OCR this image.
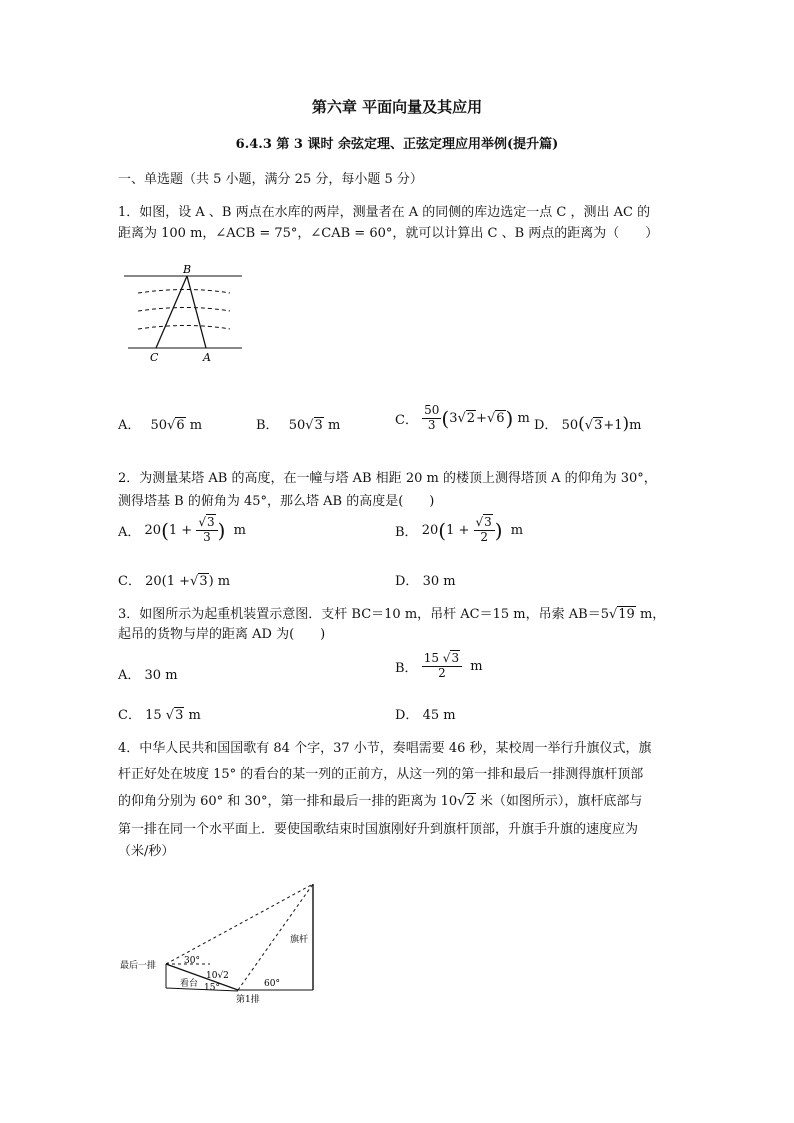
第六章 平面向量及其应用
6.4.3 第 3 课时 余弦定理、正弦定理应用举例(提升篇)
一、单选题（共 5 小题，满分 25 分，每小题 5 分）
1．如图，设 A 、B 两点在水库的两岸，测量者在 A 的同侧的库边选定一点 C ，测出 AC 的
距离为 100 m，∠ACB = 75°，∠CAB = 60°，就可以计算出 C 、B 两点的距离为（　　）
B
C	A
A． 50√6 m	B． 50√3 m	C． $\frac{50}{3} (3√2+√6)$ m D． 50(√3+1)m
2．为测量某塔 AB 的高度，在一幢与塔 AB 相距 20 m 的楼顶上测得塔顶 A 的仰角为 30°，
测得塔基 B 的俯角为 45°，那么塔 AB 的高度是(　　)
A． $20(1 + \frac{√3}{3}$ ) m	B． $20(1 + \frac{√3}{2}$ ) m
C． 20(1 +√3) m	D． 30 m
3．如图所示为起重机装置示意图．支杆 BC＝10 m，吊杆 AC＝15 m，吊索 AB＝5√19 m，
起吊的货物与岸的距离 AD 为(　　)
A． 30 m	B． $\frac{15 √3}{2}$ m
C． 15 √3 m	D． 45 m
4．中华人民共和国国歌有 84 个字，37 小节，奏唱需要 46 秒，某校周一举行升旗仪式，旗
杆正好处在坡度 15° 的看台的某一列的正前方，从这一列的第一排和最后一排测得旗杆顶部
的仰角分别为 60° 和 30°，第一排和最后一排的距离为 10√2 米（如图所示），旗杆底部与
第一排在同一个水平面上．要使国歌结束时国旗刚好升到旗杆顶部，升旗手升旗的速度应为
（米/秒）
最后一排	30°
10√2
看台 15°
第1排
旗杆
60°
